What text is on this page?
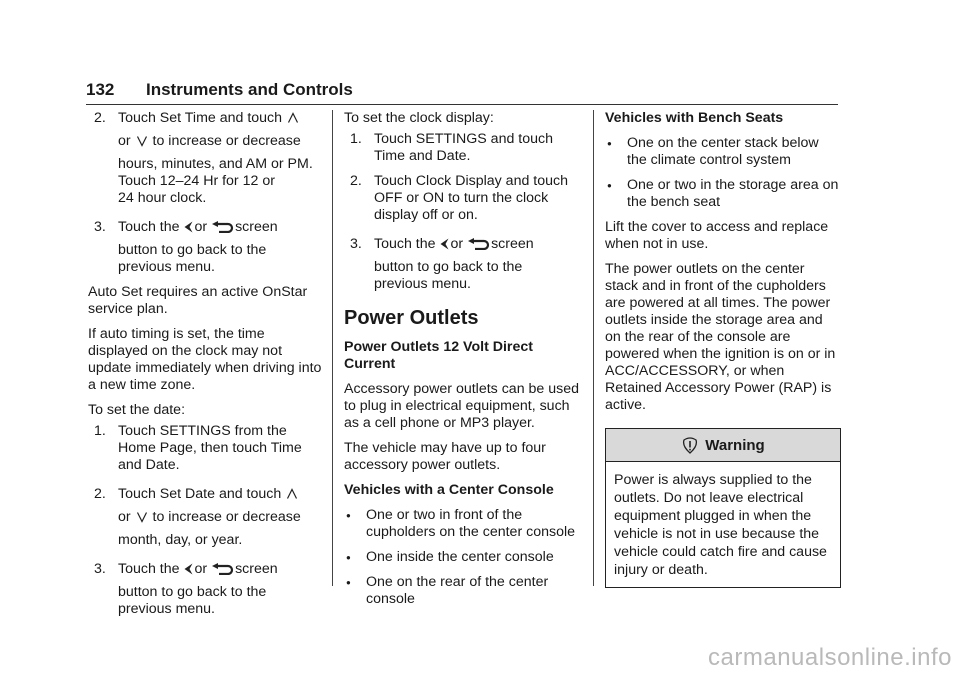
132 Instruments and Controls
2. Touch Set Time and touch
or to increase or decrease
hours, minutes, and AM or PM.
Touch 12–24 Hr for 12 or
24 hour clock.
3. Touch the or screen
button to go back to the
previous menu.

Auto Set requires an active OnStar service plan.

If auto timing is set, the time displayed on the clock may not update immediately when driving into a new time zone.

To set the date:

1. Touch SETTINGS from the Home Page, then touch Time and Date.
2. Touch Set Date and touch
or to increase or decrease
month, day, or year.
3. Touch the or screen
button to go back to the
previous menu.

To set the clock display:

1. Touch SETTINGS and touch Time and Date.
2. Touch Clock Display and touch OFF or ON to turn the clock display off or on.
3. Touch the or screen
button to go back to the
previous menu.
Power Outlets

Power Outlets 12 Volt Direct Current

Accessory power outlets can be used to plug in electrical equipment, such as a cell phone or MP3 player.

The vehicle may have up to four accessory power outlets.

Vehicles with a Center Console

● One or two in front of the cupholders on the center console
● One inside the center console
● One on the rear of the center console

Vehicles with Bench Seats

● One on the center stack below the climate control system
● One or two in the storage area on the bench seat

Lift the cover to access and replace when not in use.

The power outlets on the center stack and in front of the cupholders are powered at all times. The power outlets inside the storage area and on the rear of the console are powered when the ignition is on or in ACC/ACCESSORY, or when Retained Accessory Power (RAP) is active.

Warning
Power is always supplied to the outlets. Do not leave electrical equipment plugged in when the vehicle is not in use because the vehicle could catch fire and cause injury or death.
carmanualsonline.info
